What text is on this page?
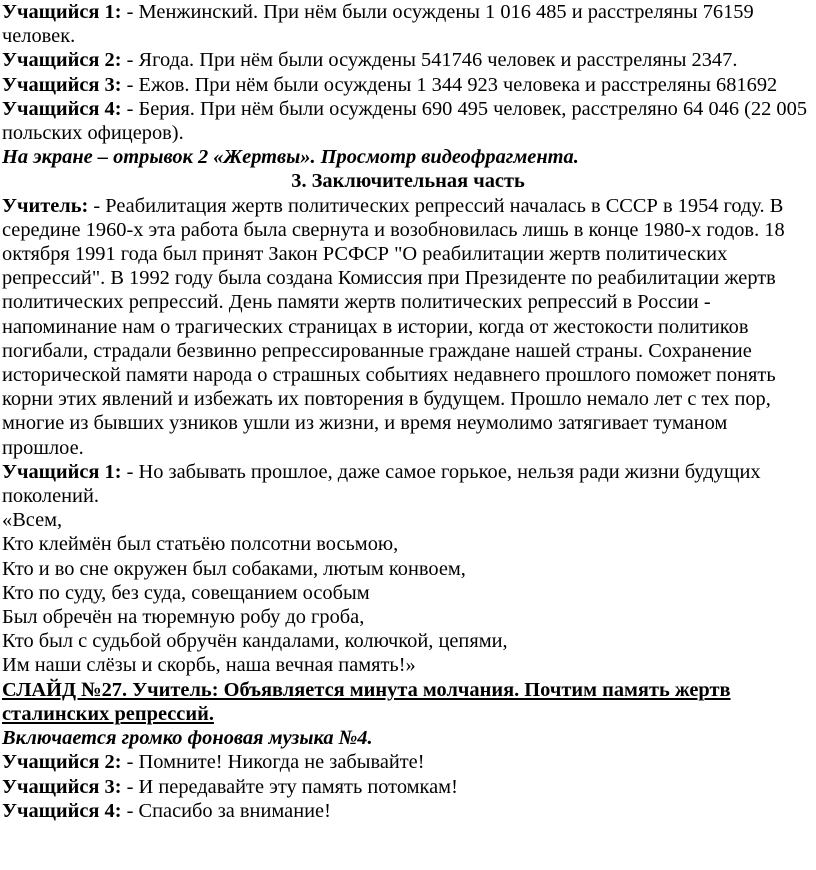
Учащийся 1: - Менжинский. При нём были осуждены 1 016 485 и расстреляны 76159 человек.

Учащийся 2: - Ягода. При нём были осуждены 541746 человек и расстреляны 2347.

Учащийся 3: - Ежов. При нём были осуждены 1 344 923 человека и расстреляны 681692

Учащийся 4: - Берия. При нём были осуждены 690 495 человек, расстреляно 64 046 (22 005 польских офицеров).

На экране – отрывок 2 «Жертвы». Просмотр видеофрагмента.

3. Заключительная часть

Учитель: - Реабилитация жертв политических репрессий началась в СССР в 1954 году. В середине 1960-х эта работа была свернута и возобновилась лишь в конце 1980-х годов. 18 октября 1991 года был принят Закон РСФСР "О реабилитации жертв политических репрессий". В 1992 году была создана Комиссия при Президенте по реабилитации жертв политических репрессий. День памяти жертв политических репрессий в России - напоминание нам о трагических страницах в истории, когда от жестокости политиков погибали, страдали безвинно репрессированные граждане нашей страны. Сохранение исторической памяти народа о страшных событиях недавнего прошлого поможет понять корни этих явлений и избежать их повторения в будущем. Прошло немало лет с тех пор, многие из бывших узников ушли из жизни, и время неумолимо затягивает туманом прошлое.

Учащийся 1: - Но забывать прошлое, даже самое горькое, нельзя ради жизни будущих поколений.

«Всем,

Кто клеймён был статьёю полсотни восьмою,

Кто и во сне окружен был собаками, лютым конвоем,

Кто по суду, без суда, совещанием особым

Был обречён на тюремную робу до гроба,

Кто был с судьбой обручён кандалами, колючкой, цепями,

Им наши слёзы и скорбь, наша вечная память!»

СЛАЙД №27. Учитель: Объявляется минута молчания. Почтим память жертв сталинских репрессий.

Включается громко фоновая музыка №4.

Учащийся 2: - Помните! Никогда не забывайте!

Учащийся 3: - И передавайте эту память потомкам!

Учащийся 4: - Спасибо за внимание!
